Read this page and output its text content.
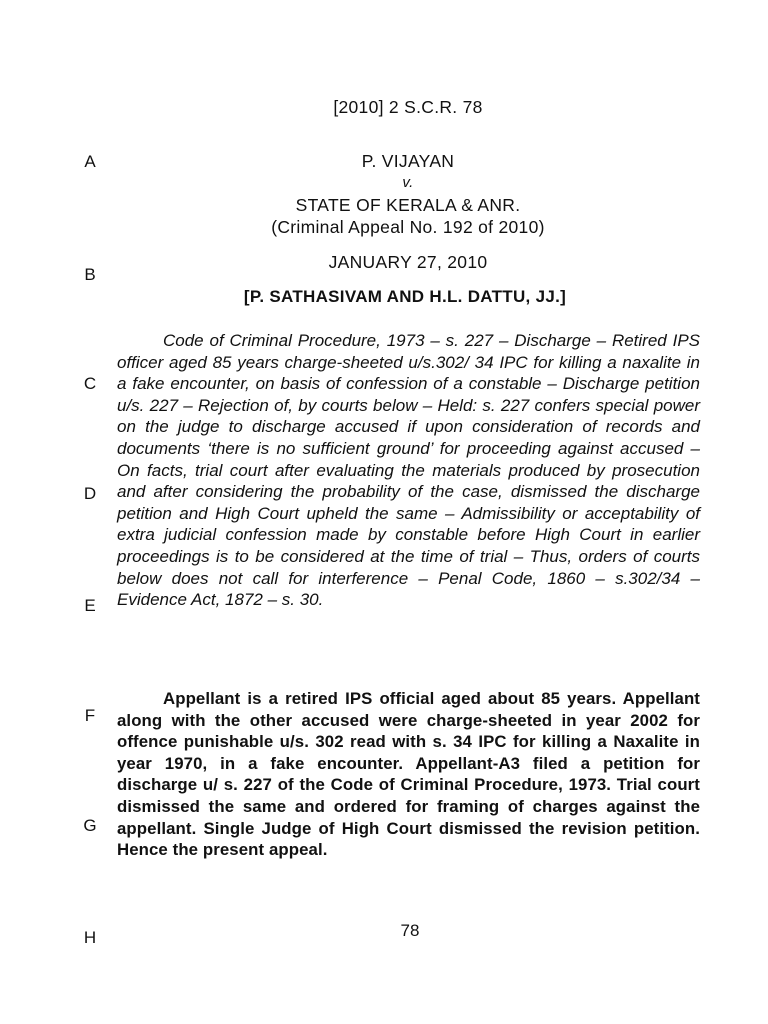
[2010] 2 S.C.R. 78
P. VIJAYAN
v.
STATE OF KERALA & ANR.
(Criminal Appeal No. 192 of 2010)
JANUARY 27, 2010
[P. SATHASIVAM AND H.L. DATTU, JJ.]
A
B
C
D
E
F
G
H

Code of Criminal Procedure, 1973 – s. 227 – Discharge – Retired IPS officer aged 85 years charge-sheeted u/s.302/ 34 IPC for killing a naxalite in a fake encounter, on basis of confession of a constable – Discharge petition u/s. 227 – Rejection of, by courts below – Held: s. 227 confers special power on the judge to discharge accused if upon consideration of records and documents ‘there is no sufficient ground’ for proceeding against accused – On facts, trial court after evaluating the materials produced by prosecution and after considering the probability of the case, dismissed the discharge petition and High Court upheld the same – Admissibility or acceptability of extra judicial confession made by constable before High Court in earlier proceedings is to be considered at the time of trial – Thus, orders of courts below does not call for interference – Penal Code, 1860 – s.302/34 – Evidence Act, 1872 – s. 30.

Appellant is a retired IPS official aged about 85 years. Appellant along with the other accused were charge-sheeted in year 2002 for offence punishable u/s. 302 read with s. 34 IPC for killing a Naxalite in year 1970, in a fake encounter. Appellant-A3 filed a petition for discharge u/ s. 227 of the Code of Criminal Procedure, 1973. Trial court dismissed the same and ordered for framing of charges against the appellant. Single Judge of High Court dismissed the revision petition. Hence the present appeal.

78
